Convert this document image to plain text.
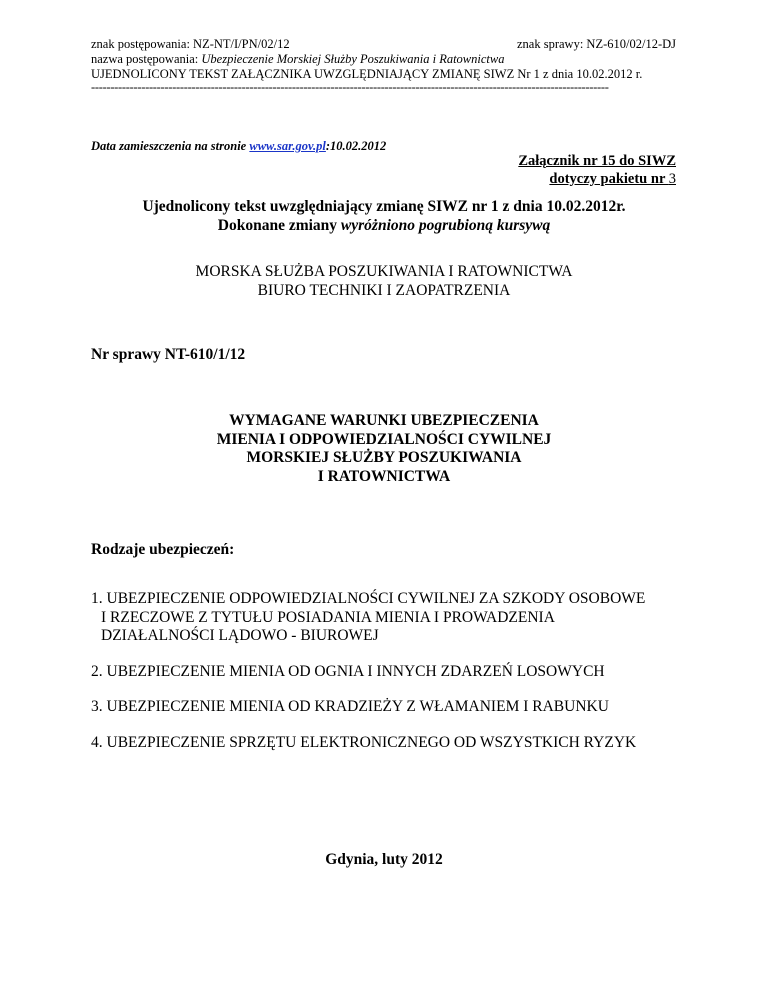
znak postępowania: NZ-NT/I/PN/02/12	znak sprawy: NZ-610/02/12-DJ
nazwa postępowania: Ubezpieczenie Morskiej Służby Poszukiwania i Ratownictwa
UJEDNOLICONY TEKST ZAŁĄCZNIKA UWZGLĘDNIAJĄCY ZMIANĘ SIWZ Nr 1 z dnia 10.02.2012 r.
--------------------------------------------------------------------------------------------------------------------------------------
Data zamieszczenia na stronie www.sar.gov.pl:10.02.2012
Załącznik nr 15 do SIWZ
dotyczy pakietu nr 3
Ujednolicony tekst uwzględniający zmianę SIWZ nr 1 z dnia 10.02.2012r.
Dokonane zmiany wyróżniono pogrubioną kursywą
MORSKA SŁUŻBA POSZUKIWANIA I RATOWNICTWA
BIURO TECHNIKI I ZAOPATRZENIA
Nr sprawy NT-610/1/12
WYMAGANE WARUNKI UBEZPIECZENIA
MIENIA I ODPOWIEDZIALNOŚCI CYWILNEJ
MORSKIEJ SŁUŻBY POSZUKIWANIA
I RATOWNICTWA
Rodzaje ubezpieczeń:
1. UBEZPIECZENIE ODPOWIEDZIALNOŚCI CYWILNEJ ZA SZKODY OSOBOWE
I RZECZOWE Z TYTUŁU POSIADANIA MIENIA I PROWADZENIA
DZIAŁALNOŚCI LĄDOWO - BIUROWEJ
2. UBEZPIECZENIE MIENIA OD OGNIA I INNYCH ZDARZEŃ LOSOWYCH
3. UBEZPIECZENIE MIENIA OD KRADZIEŻY Z WŁAMANIEM I RABUNKU
4. UBEZPIECZENIE SPRZĘTU ELEKTRONICZNEGO OD WSZYSTKICH RYZYK
Gdynia, luty 2012
